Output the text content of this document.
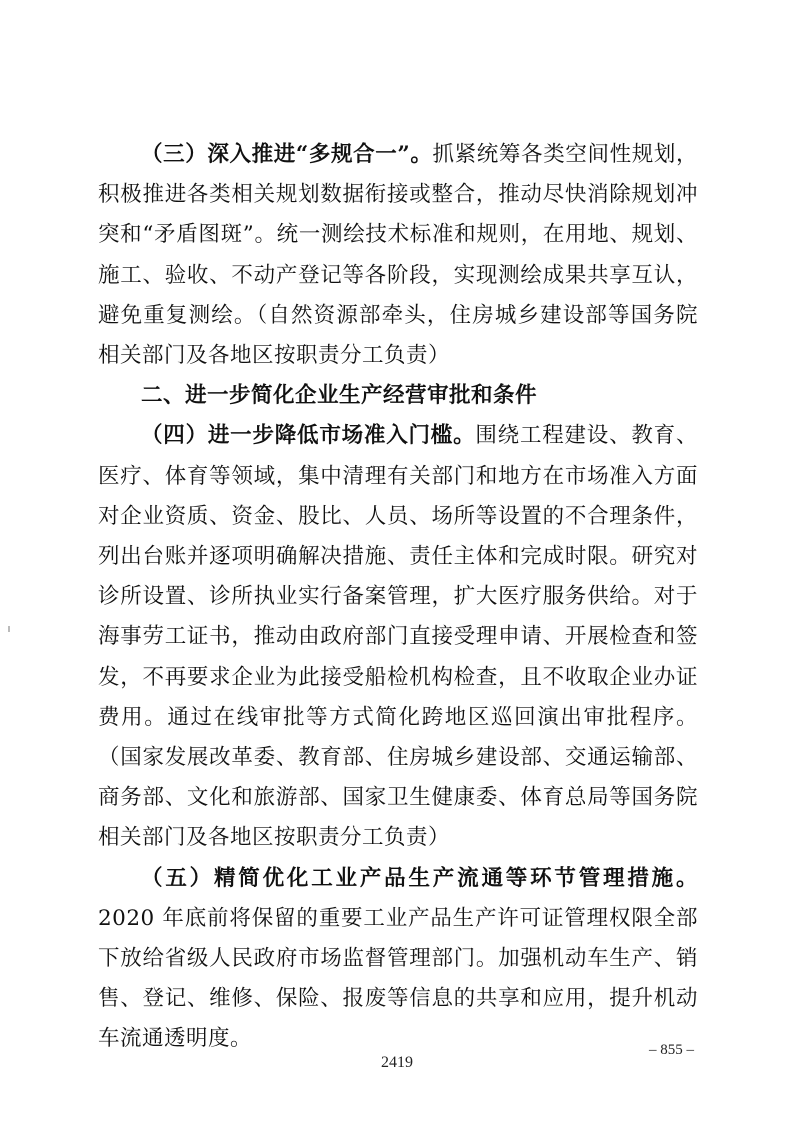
（三）深入推进“多规合一”。抓紧统筹各类空间性规划，积极推进各类相关规划数据衔接或整合，推动尽快消除规划冲突和“矛盾图斑”。统一测绘技术标准和规则，在用地、规划、施工、验收、不动产登记等各阶段，实现测绘成果共享互认，避免重复测绘。（自然资源部牵头，住房城乡建设部等国务院相关部门及各地区按职责分工负责）

二、进一步简化企业生产经营审批和条件

（四）进一步降低市场准入门槛。围绕工程建设、教育、医疗、体育等领域，集中清理有关部门和地方在市场准入方面对企业资质、资金、股比、人员、场所等设置的不合理条件，列出台账并逐项明确解决措施、责任主体和完成时限。研究对诊所设置、诊所执业实行备案管理，扩大医疗服务供给。对于海事劳工证书，推动由政府部门直接受理申请、开展检查和签发，不再要求企业为此接受船检机构检查，且不收取企业办证费用。通过在线审批等方式简化跨地区巡回演出审批程序。（国家发展改革委、教育部、住房城乡建设部、交通运输部、商务部、文化和旅游部、国家卫生健康委、体育总局等国务院相关部门及各地区按职责分工负责）

（五）精简优化工业产品生产流通等环节管理措施。2020 年底前将保留的重要工业产品生产许可证管理权限全部下放给省级人民政府市场监督管理部门。加强机动车生产、销售、登记、维修、保险、报废等信息的共享和应用，提升机动车流通透明度。	– 855 –
2419
